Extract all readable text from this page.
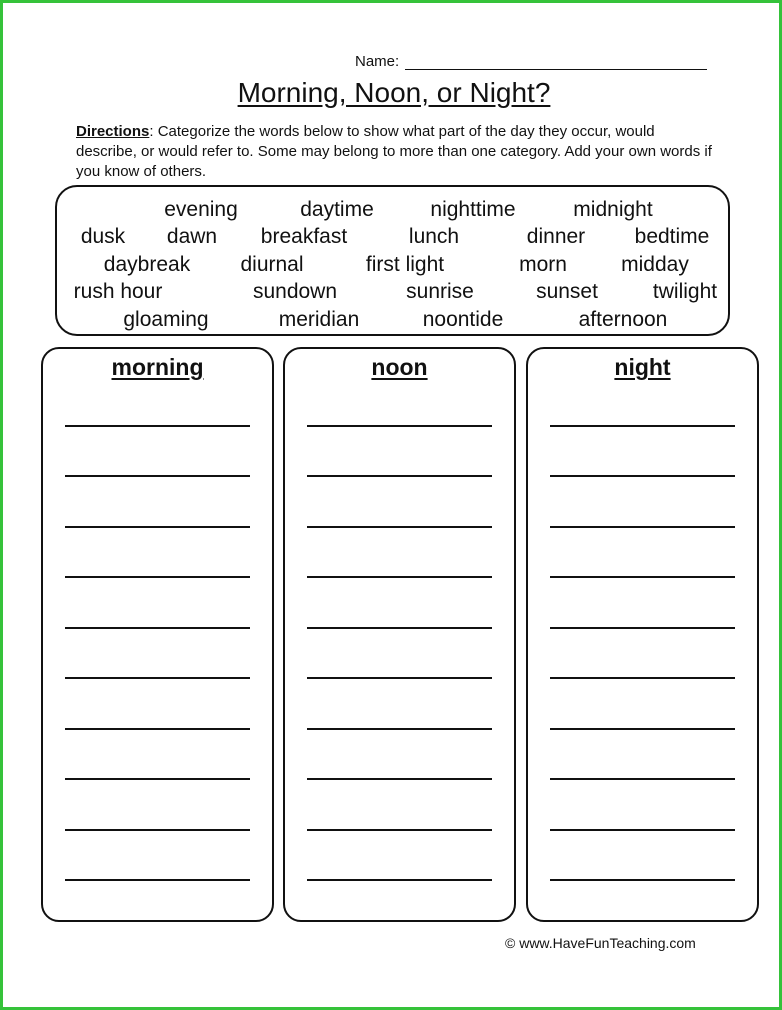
Name:
Morning, Noon, or Night?
Directions: Categorize the words below to show what part of the day they occur, would describe, or would refer to. Some may belong to more than one category. Add your own words if you know of others.
evening	daytime	nighttime	midnight
dusk dawn breakfast	lunch	dinner bedtime
daybreak diurnal	first light	morn	midday
rush hour	sundown	sunrise	sunset	twilight
gloaming	meridian	noontide	afternoon
morning	noon	night
© www.HaveFunTeaching.com
